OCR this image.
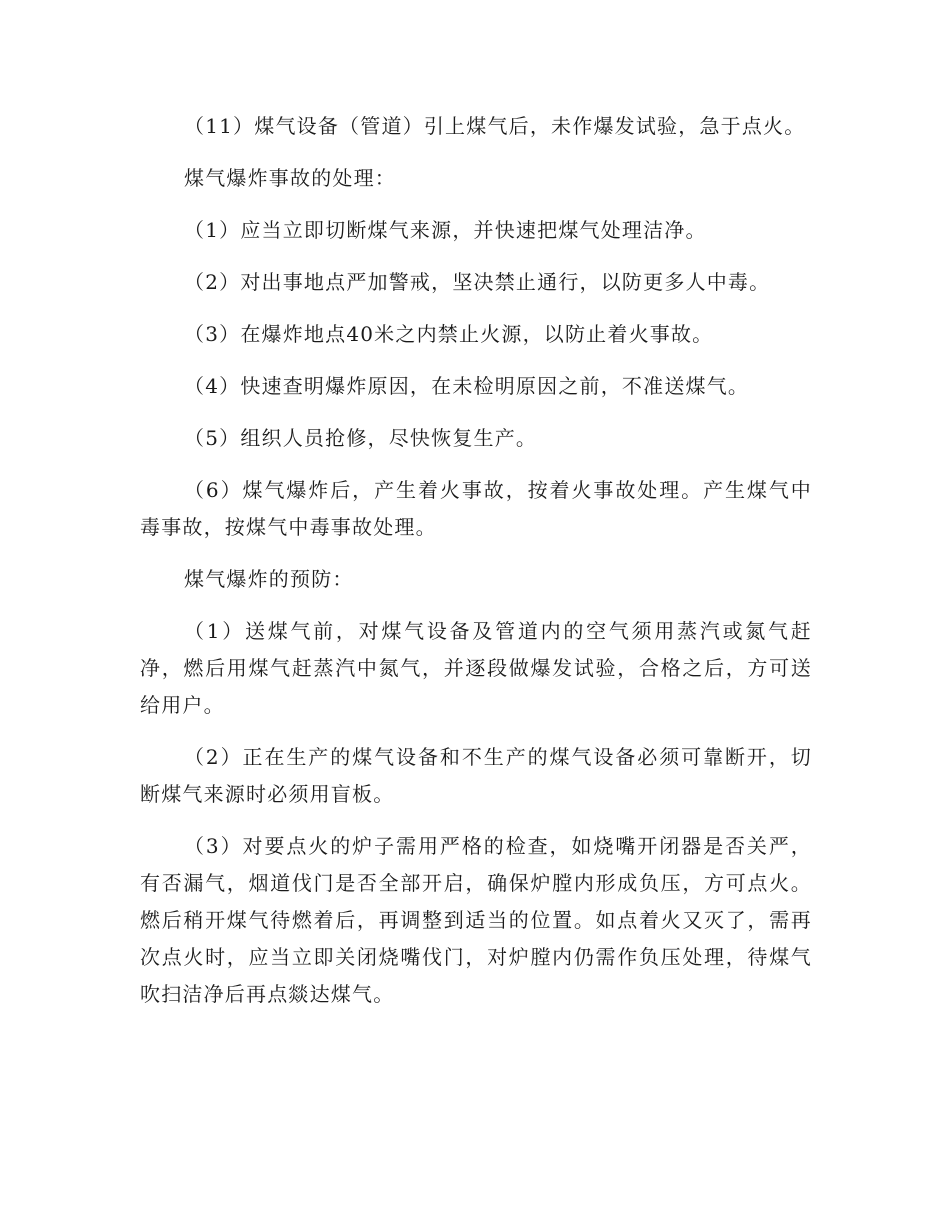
（11）煤气设备（管道）引上煤气后，未作爆发试验，急于点火。

煤气爆炸事故的处理：

（1）应当立即切断煤气来源，并快速把煤气处理洁净。

（2）对出事地点严加警戒，坚决禁止通行，以防更多人中毒。

（3）在爆炸地点40米之内禁止火源，以防止着火事故。

（4）快速查明爆炸原因，在未检明原因之前，不准送煤气。

（5）组织人员抢修，尽快恢复生产。

（6）煤气爆炸后，产生着火事故，按着火事故处理。产生煤气中毒事故，按煤气中毒事故处理。

煤气爆炸的预防：

（1）送煤气前，对煤气设备及管道内的空气须用蒸汽或氮气赶净，燃后用煤气赶蒸汽中氮气，并逐段做爆发试验，合格之后，方可送给用户。

（2）正在生产的煤气设备和不生产的煤气设备必须可靠断开，切断煤气来源时必须用盲板。

（3）对要点火的炉子需用严格的检查，如烧嘴开闭器是否关严，有否漏气，烟道伐门是否全部开启，确保炉膛内形成负压，方可点火。燃后稍开煤气待燃着后，再调整到适当的位置。如点着火又灭了，需再次点火时，应当立即关闭烧嘴伐门，对炉膛内仍需作负压处理，待煤气吹扫洁净后再点燚达煤气。
